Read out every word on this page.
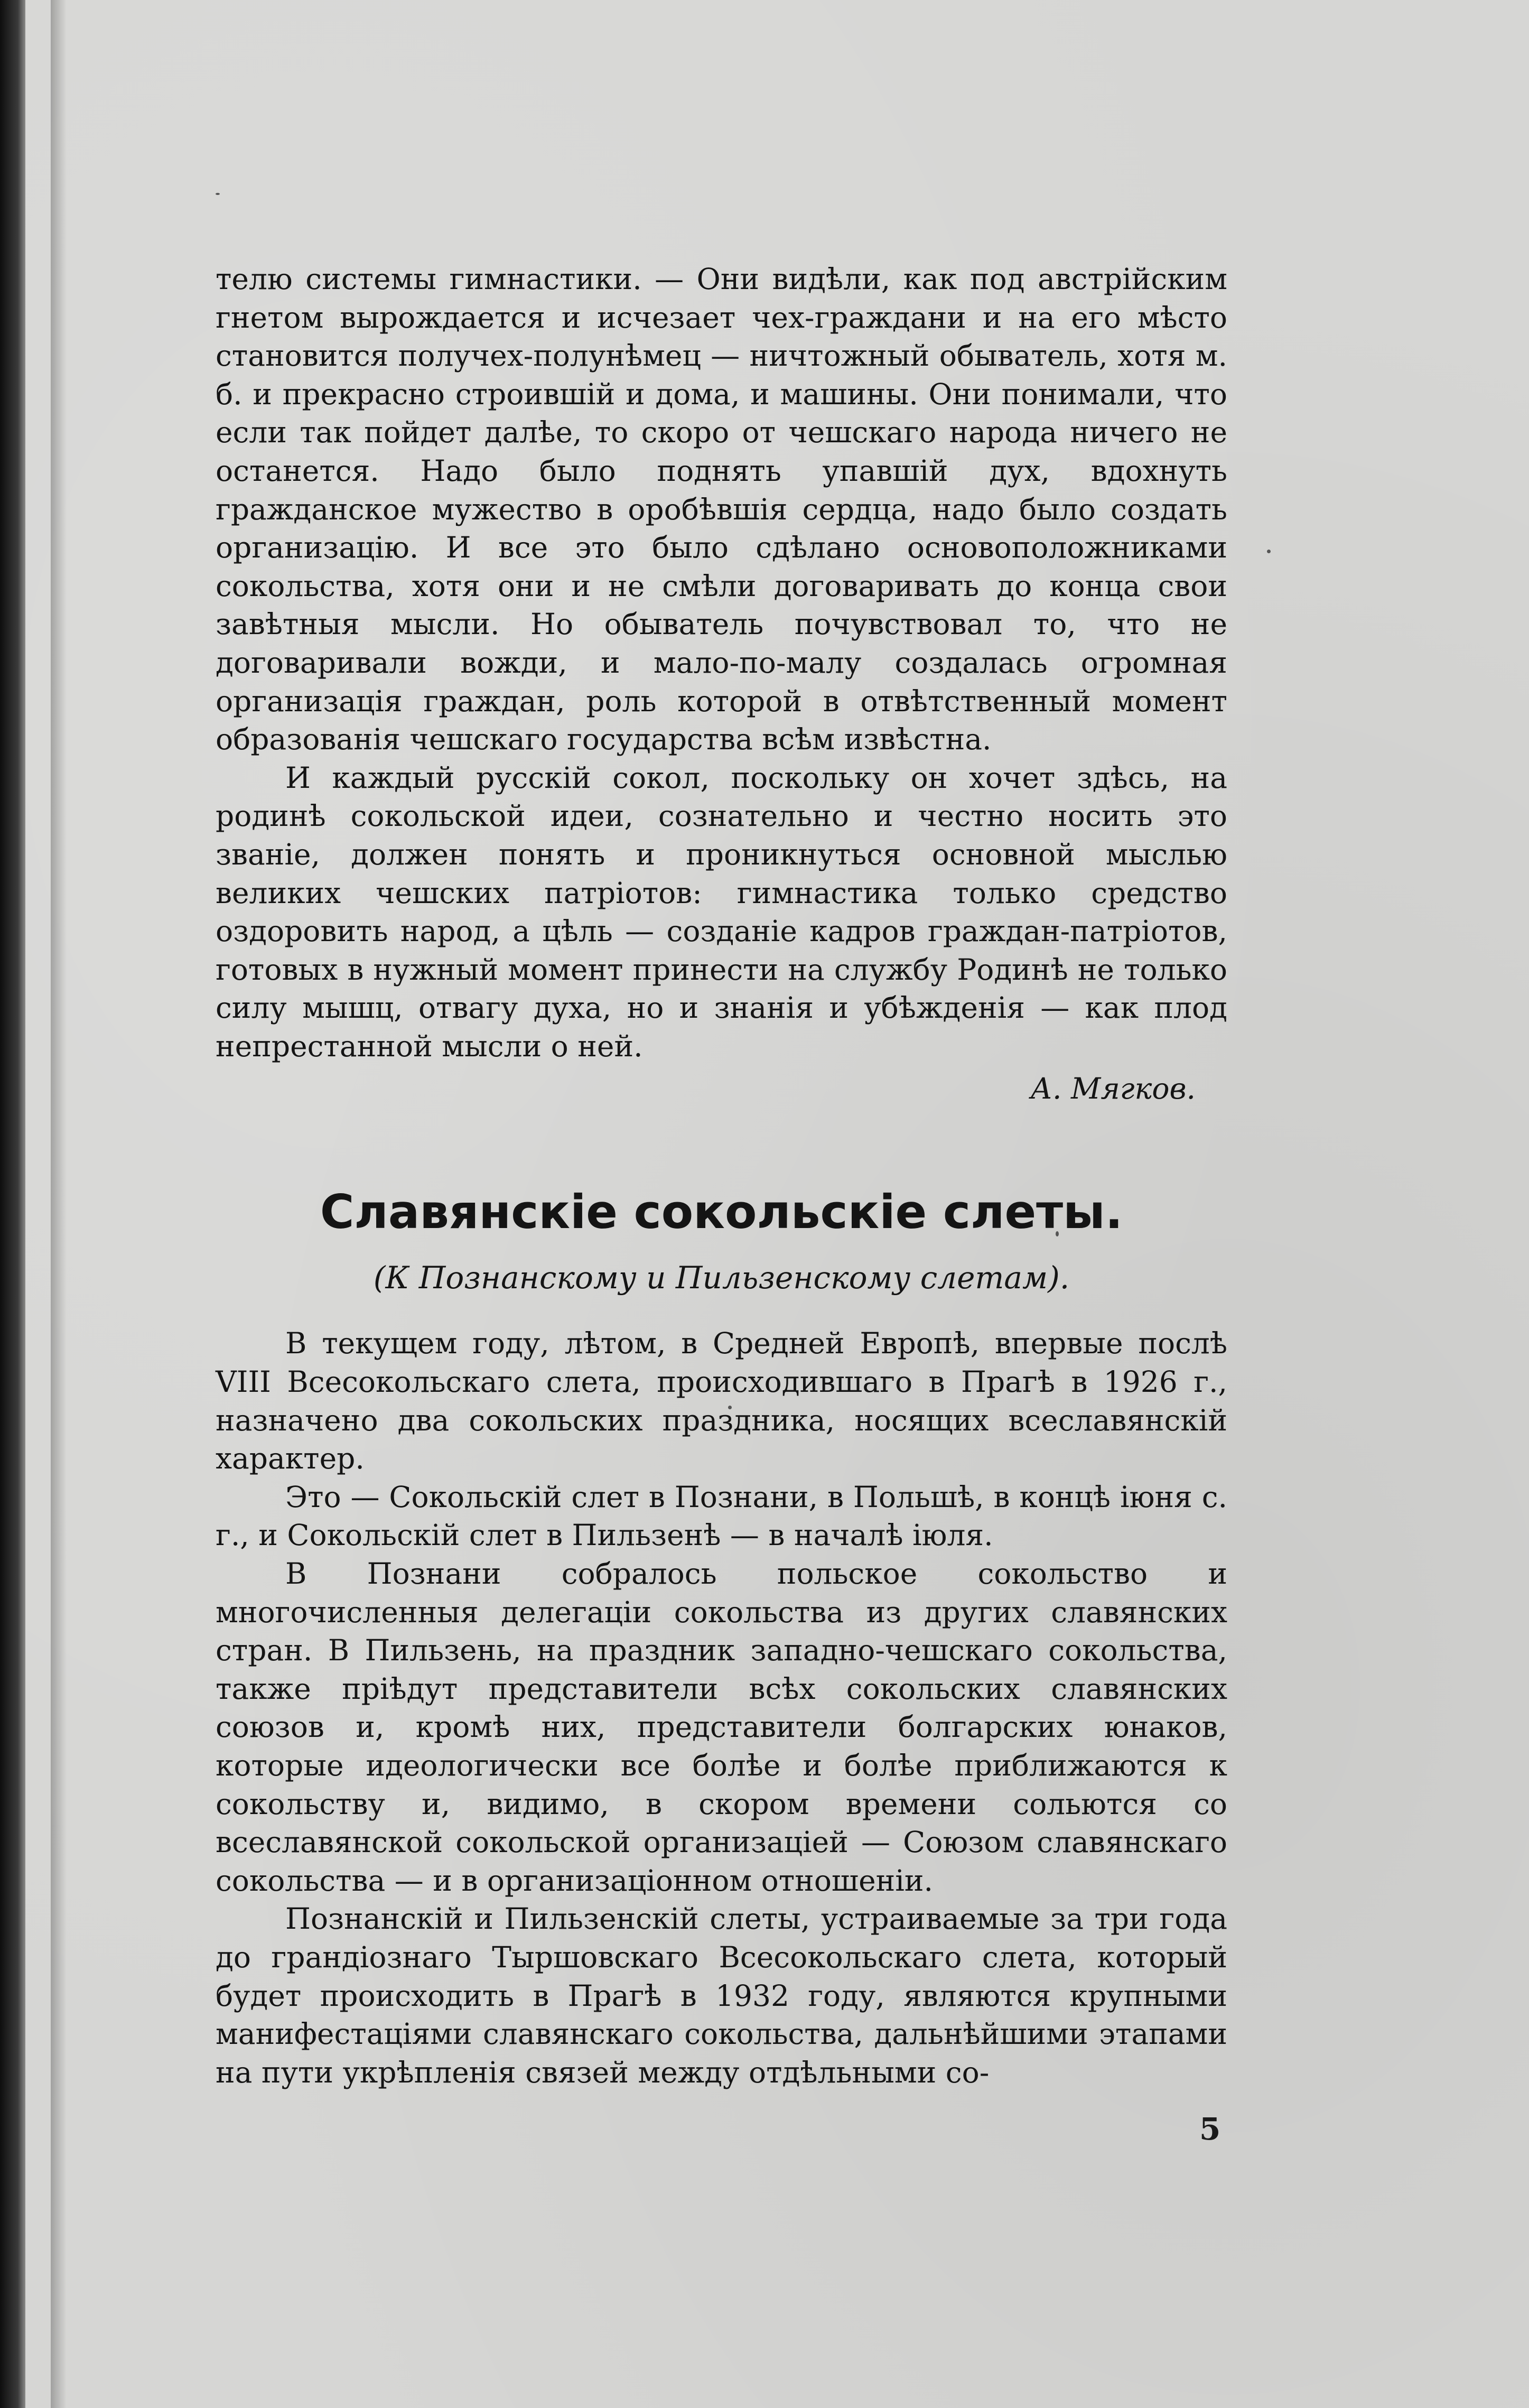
телю системы гимнастики. — Они видѣли, как под австрійским гнетом вырождается и исчезает чех-граждани и на его мѣсто становится получех-полунѣмец — ничтожный обыватель, хотя м. б. и прекрасно строившій и дома, и машины. Они понимали, что если так пойдет далѣе, то скоро от чешскаго народа ничего не останется. Надо было поднять упавшій дух, вдохнуть гражданское мужество в оробѣвшія сердца, надо было создать организацію. И все это было сдѣлано основоположниками сокольства, хотя они и не смѣли договаривать до конца свои завѣтныя мысли. Но обыватель почувствовал то, что не договаривали вожди, и мало-по-малу создалась огромная организація граждан, роль которой в отвѣтственный момент образованія чешскаго государства всѣм извѣстна.

И каждый русскій сокол, поскольку он хочет здѣсь, на родинѣ сокольской идеи, сознательно и честно носить это званіе, должен понять и проникнуться основной мыслью великих чешских патріотов: гимнастика только средство оздоровить народ, а цѣль — созданіе кадров граждан-патріотов, готовых в нужный момент принести на службу Родинѣ не только силу мышц, отвагу духа, но и знанія и убѣжденія — как плод непрестанной мысли о ней.

А. Мягков.
Славянскіе сокольскіе слеты.
(К Познанскому и Пильзенскому слетам).

В текущем году, лѣтом, в Средней Европѣ, впервые послѣ VIII Всесокольскаго слета, происходившаго в Прагѣ в 1926 г., назначено два сокольских праздника, носящих всеславянскій характер.

Это — Сокольскій слет в Познани, в Польшѣ, в концѣ іюня с. г., и Сокольскій слет в Пильзенѣ — в началѣ іюля.

В Познани собралось польское сокольство и многочисленныя делегаціи сокольства из других славянских стран. В Пильзень, на праздник западно-чешскаго сокольства, также пріѣдут представители всѣх сокольских славянских союзов и, кромѣ них, представители болгарских юнаков, которые идеологически все болѣе и болѣе приближаются к сокольству и, видимо, в скором времени сольются со всеславянской сокольской организаціей — Союзом славянскаго сокольства — и в организаціонном отношеніи.

Познанскій и Пильзенскій слеты, устраиваемые за три года до грандіознаго Тыршовскаго Всесокольскаго слета, который будет происходить в Прагѣ в 1932 году, являются крупными манифестаціями славянскаго сокольства, дальнѣйшими этапами на пути укрѣпленія связей между отдѣльными со-

5
